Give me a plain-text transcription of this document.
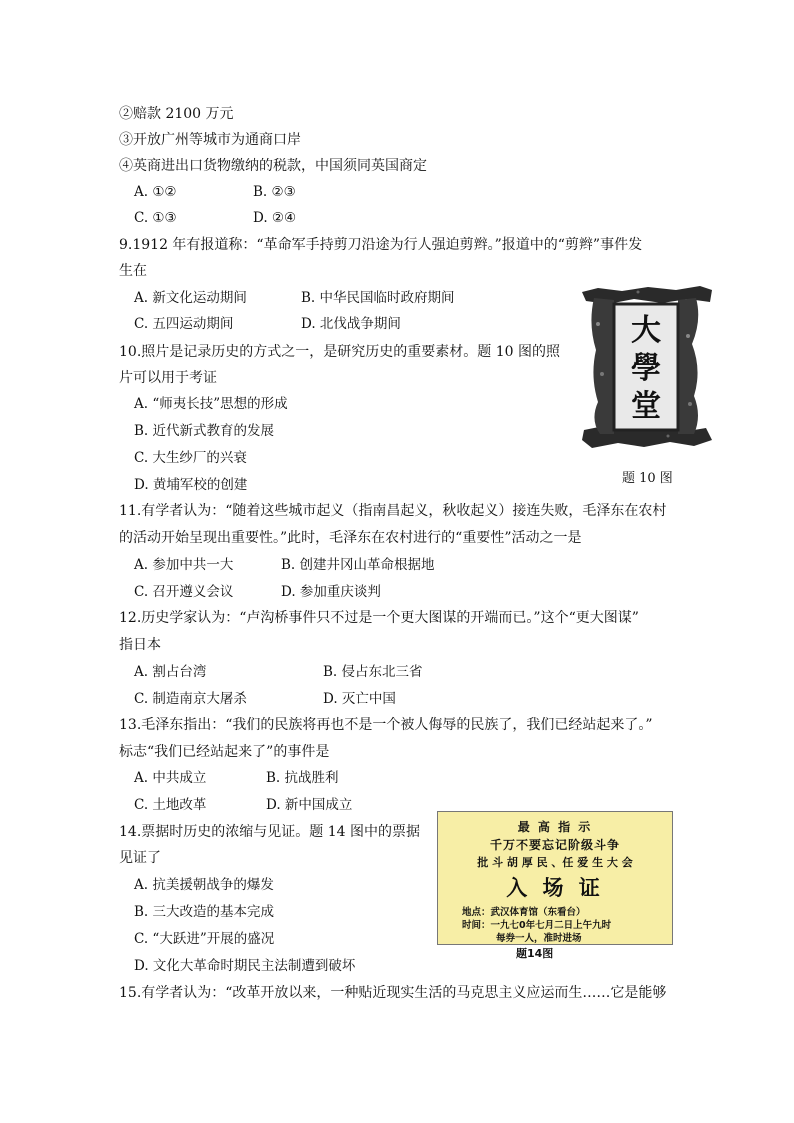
②赔款 2100 万元
③开放广州等城市为通商口岸
④英商进出口货物缴纳的税款，中国须同英国商定
A. ①②	B. ②③
C. ①③	D. ②④
9.1912 年有报道称：“革命军手持剪刀沿途为行人强迫剪辫。”报道中的“剪辫”事件发
生在
A. 新文化运动期间	B. 中华民国临时政府期间
C. 五四运动期间	D. 北伐战争期间
10.照片是记录历史的方式之一，是研究历史的重要素材。题 10 图的照
片可以用于考证
A. “师夷长技”思想的形成
B. 近代新式教育的发展
C. 大生纱厂的兴衰
D. 黄埔军校的创建
11.有学者认为：“随着这些城市起义（指南昌起义，秋收起义）接连失败，毛泽东在农村
的活动开始呈现出重要性。”此时，毛泽东在农村进行的“重要性”活动之一是
A. 参加中共一大	B. 创建井冈山革命根据地
C. 召开遵义会议	D. 参加重庆谈判
12.历史学家认为：“卢沟桥事件只不过是一个更大图谋的开端而已。”这个“更大图谋”
指日本
A. 割占台湾	B. 侵占东北三省
C. 制造南京大屠杀	D. 灭亡中国
13.毛泽东指出：“我们的民族将再也不是一个被人侮辱的民族了，我们已经站起来了。”
标志“我们已经站起来了”的事件是
A. 中共成立	B. 抗战胜利
C. 土地改革	D. 新中国成立
14.票据时历史的浓缩与见证。题 14 图中的票据
见证了
A. 抗美援朝战争的爆发
B. 三大改造的基本完成
C. “大跃进”开展的盛况
D. 文化大革命时期民主法制遭到破坏
15.有学者认为：“改革开放以来，一种贴近现实生活的马克思主义应运而生……它是能够
大
學
堂
题 10 图
最 高 指 示
千万不要忘记阶级斗争
批 斗 胡 厚 民 、任 爱 生 大 会
入 场 证
地点：武汉体育馆（东看台）
时间：一九七0年七月二日上午九时
每券一人，准时进场
题14图
